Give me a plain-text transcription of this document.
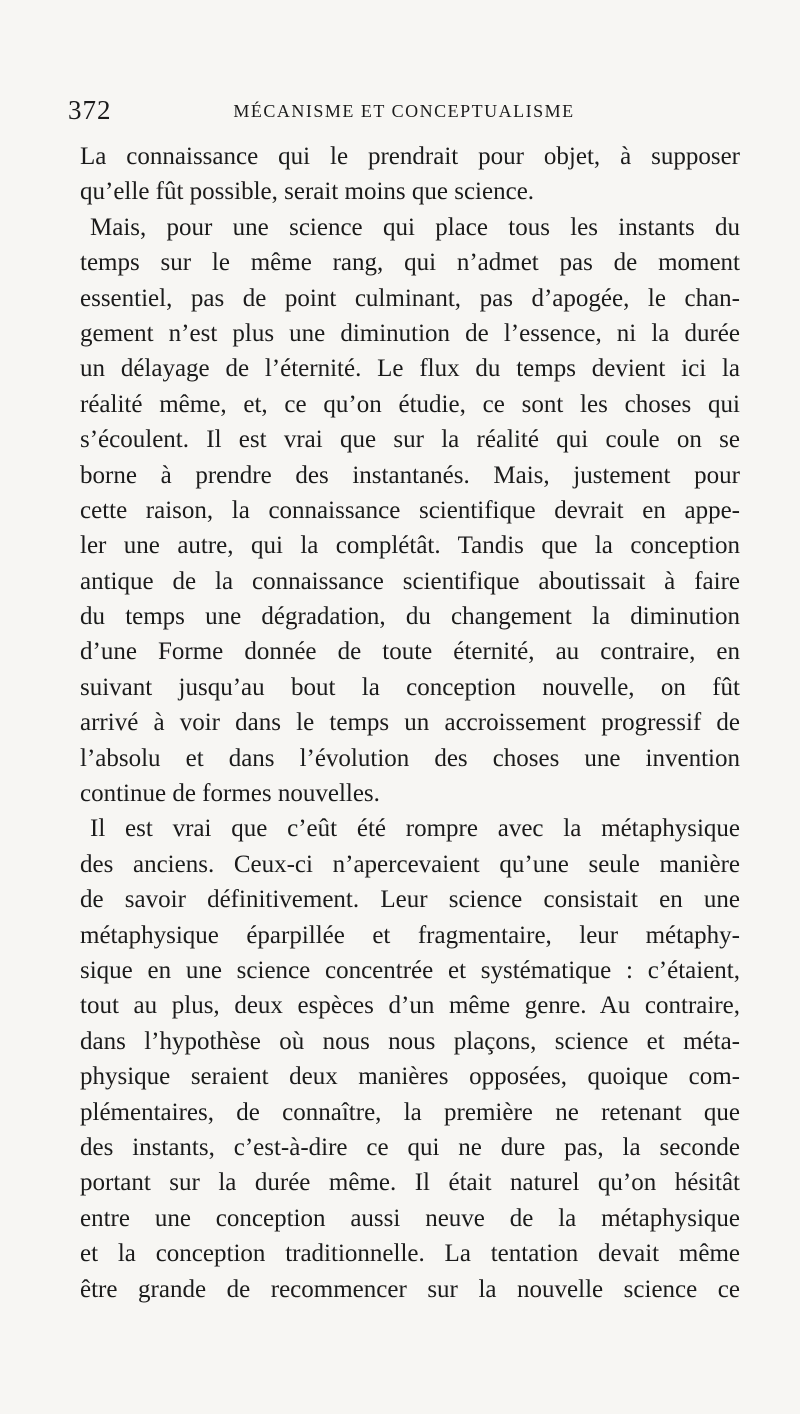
372	MÉCANISME ET CONCEPTUALISME
La connaissance qui le prendrait pour objet, à supposer
qu’elle fût possible, serait moins que science.
Mais, pour une science qui place tous les instants du
temps sur le même rang, qui n’admet pas de moment
essentiel, pas de point culminant, pas d’apogée, le chan-
gement n’est plus une diminution de l’essence, ni la durée
un délayage de l’éternité. Le flux du temps devient ici la
réalité même, et, ce qu’on étudie, ce sont les choses qui
s’écoulent. Il est vrai que sur la réalité qui coule on se
borne à prendre des instantanés. Mais, justement pour
cette raison, la connaissance scientifique devrait en appe-
ler une autre, qui la complétât. Tandis que la conception
antique de la connaissance scientifique aboutissait à faire
du temps une dégradation, du changement la diminution
d’une Forme donnée de toute éternité, au contraire, en
suivant jusqu’au bout la conception nouvelle, on fût
arrivé à voir dans le temps un accroissement progressif de
l’absolu et dans l’évolution des choses une invention
continue de formes nouvelles.
Il est vrai que c’eût été rompre avec la métaphysique
des anciens. Ceux-ci n’apercevaient qu’une seule manière
de savoir définitivement. Leur science consistait en une
métaphysique éparpillée et fragmentaire, leur métaphy-
sique en une science concentrée et systématique : c’étaient,
tout au plus, deux espèces d’un même genre. Au contraire,
dans l’hypothèse où nous nous plaçons, science et méta-
physique seraient deux manières opposées, quoique com-
plémentaires, de connaître, la première ne retenant que
des instants, c’est-à-dire ce qui ne dure pas, la seconde
portant sur la durée même. Il était naturel qu’on hésitât
entre une conception aussi neuve de la métaphysique
et la conception traditionnelle. La tentation devait même
être grande de recommencer sur la nouvelle science ce
